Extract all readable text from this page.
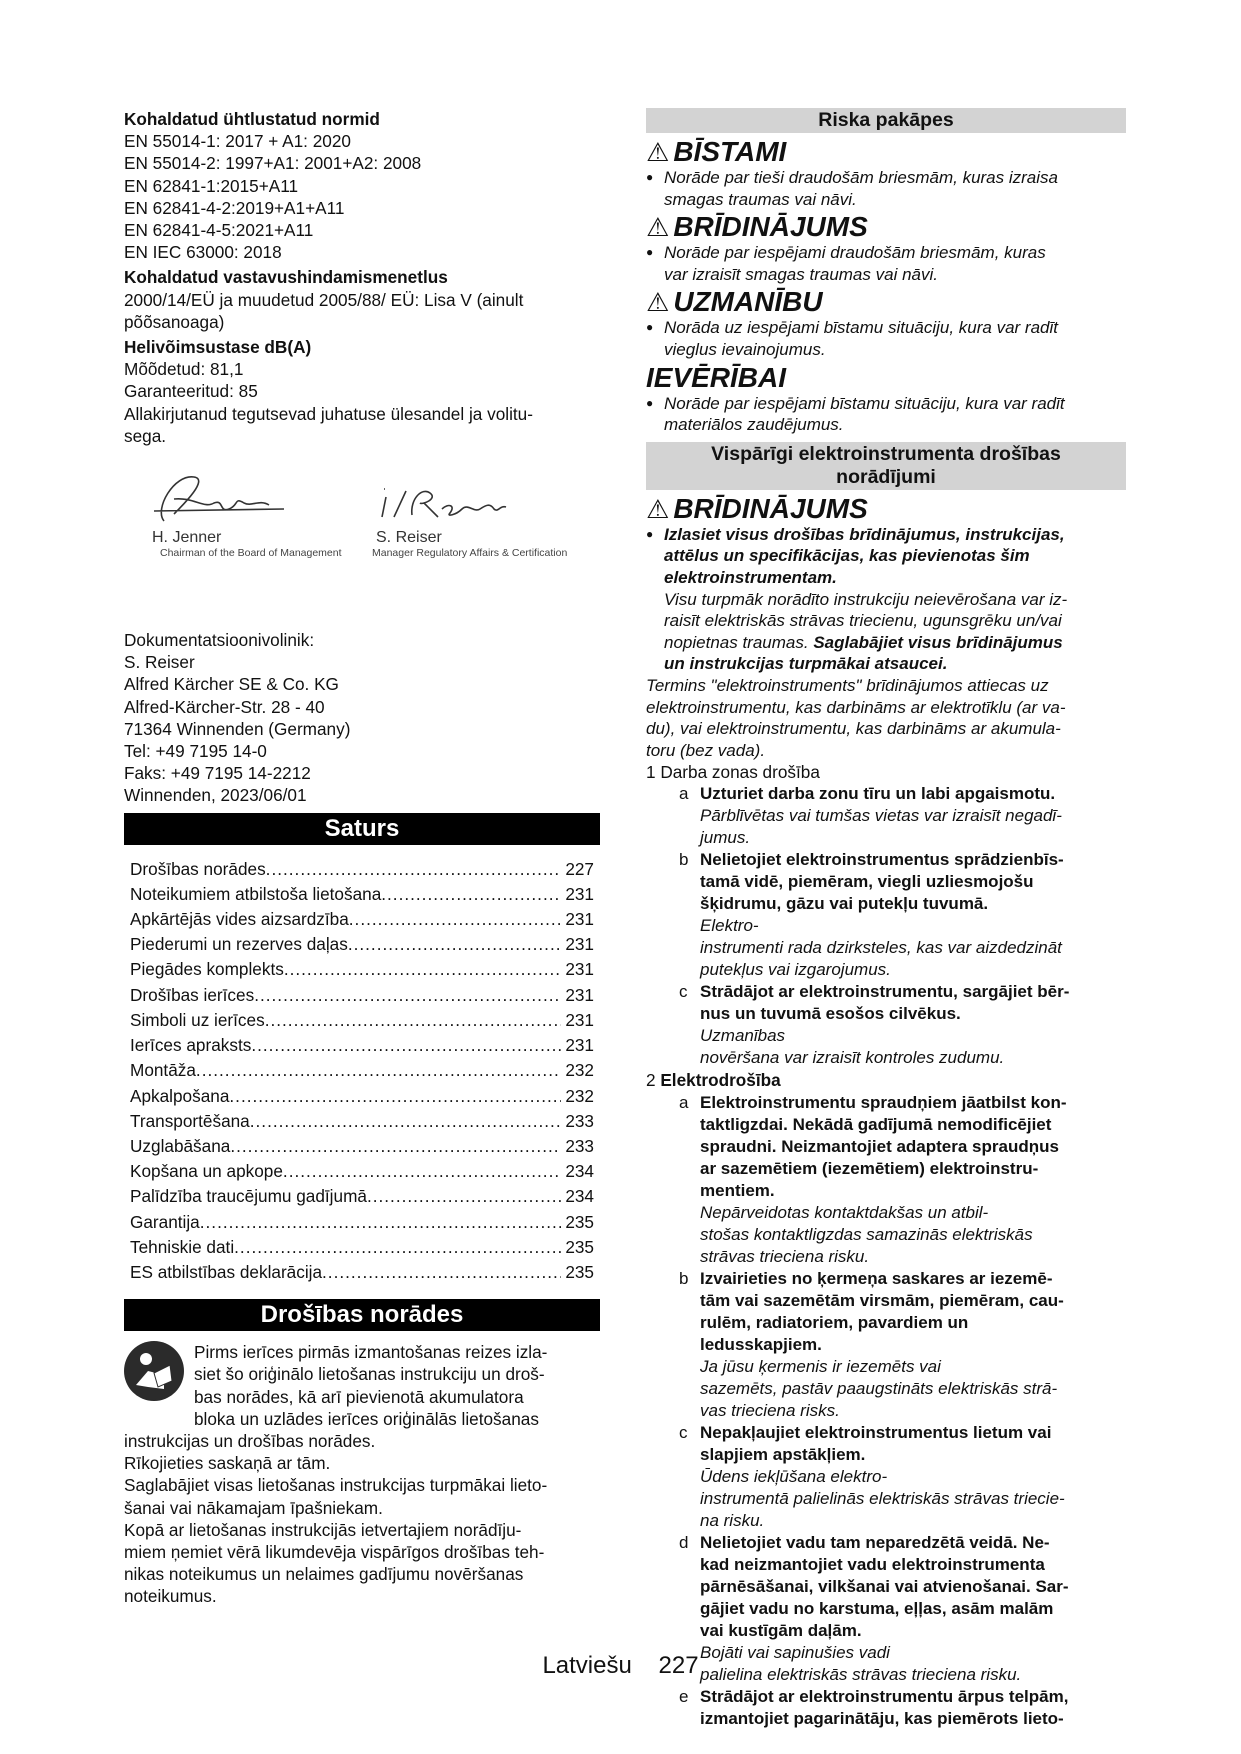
Kohaldatud ühtlustatud normid

EN 55014-1: 2017 + A1: 2020

EN 55014-2: 1997+A1: 2001+A2: 2008

EN 62841-1:2015+A11

EN 62841-4-2:2019+A1+A11

EN 62841-4-5:2021+A11

EN IEC 63000: 2018

Kohaldatud vastavushindamismenetlus

2000/14/EÜ ja muudetud 2005/88/ EÜ: Lisa V (ainult

põõsanoaga)

Helivõimsustase dB(A)

Mõõdetud: 81,1

Garanteeritud: 85

Allakirjutanud tegutsevad juhatuse ülesandel ja volitu-

sega.

H. Jenner
Chairman of the Board of Management
S. Reiser
Manager Regulatory Affairs & Certification

Dokumentatsioonivolinik:

S. Reiser

Alfred Kärcher SE & Co. KG

Alfred-Kärcher-Str. 28 - 40

71364 Winnenden (Germany)

Tel: +49 7195 14-0

Faks: +49 7195 14-2212

Winnenden, 2023/06/01

Saturs
Drošības norādes .....	227
Noteikumiem atbilstoša lietošana .....	231
Apkārtējās vides aizsardzība .....	231
Piederumi un rezerves daļas .....	231
Piegādes komplekts .....	231
Drošības ierīces .....	231
Simboli uz ierīces .....	231
Ierīces apraksts .....	231
Montāža .....	232
Apkalpošana .....	232
Transportēšana .....	233
Uzglabāšana .....	233
Kopšana un apkope .....	234
Palīdzība traucējumu gadījumā .....	234
Garantija .....	235
Tehniskie dati .....	235
ES atbilstības deklarācija .....	235
Drošības norādes

Pirms ierīces pirmās izmantošanas reizes izla-

siet šo oriģinālo lietošanas instrukciju un droš-

bas norādes, kā arī pievienotā akumulatora

bloka un uzlādes ierīces oriģinālās lietošanas

instrukcijas un drošības norādes.

Rīkojieties saskaņā ar tām.

Saglabājiet visas lietošanas instrukcijas turpmākai lieto-

šanai vai nākamajam īpašniekam.

Kopā ar lietošanas instrukcijās ietvertajiem norādīju-

miem ņemiet vērā likumdevēja vispārīgos drošības teh-

nikas noteikumus un nelaimes gadījumu novēršanas

noteikumus.

Riska pakāpes

⚠ BĪSTAMI

● Norāde par tieši draudošām briesmām, kuras izraisa
smagas traumas vai nāvi.

⚠ BRĪDINĀJUMS

● Norāde par iespējami draudošām briesmām, kuras
var izraisīt smagas traumas vai nāvi.

⚠ UZMANĪBU

● Norāda uz iespējami bīstamu situāciju, kura var radīt
vieglus ievainojumus.

IEVĒRĪBAI

● Norāde par iespējami bīstamu situāciju, kura var radīt
materiālos zaudējumus.
Vispārīgi elektroinstrumenta drošības
norādījumi

⚠ BRĪDINĀJUMS

● Izlasiet visus drošības brīdinājumus, instrukcijas,
attēlus un specifikācijas, kas pievienotas šim
elektroinstrumentam.

Visu turpmāk norādīto instrukciju neievērošana var iz-

raisīt elektriskās strāvas triecienu, ugunsgrēku un/vai

nopietnas traumas. Saglabājiet visus brīdinājumus

un instrukcijas turpmākai atsaucei.

Termins "elektroinstruments" brīdinājumos attiecas uz

elektroinstrumentu, kas darbināms ar elektrotīklu (ar va-

du), vai elektroinstrumentu, kas darbināms ar akumula-

toru (bez vada).

1 Darba zonas drošība

a Uzturiet darba zonu tīru un labi apgaismotu.
Pārblīvētas vai tumšas vietas var izraisīt negadī-
jumus.
b Nelietojiet elektroinstrumentus sprādzienbīs-
tamā vidē, piemēram, viegli uzliesmojošu
šķidrumu, gāzu vai putekļu tuvumā.
Elektro-
instrumenti rada dzirksteles, kas var aizdedzināt
putekļus vai izgarojumus.
c Strādājot ar elektroinstrumentu, sargājiet bēr-
nus un tuvumā esošos cilvēkus.
Uzmanības
novēršana var izraisīt kontroles zudumu.

2 Elektrodrošība

a Elektroinstrumentu spraudņiem jāatbilst kon-
taktligzdai. Nekādā gadījumā nemodificējiet
spraudni. Neizmantojiet adaptera spraudņus
ar sazemētiem (iezemētiem) elektroinstru-
mentiem.
Nepārveidotas kontaktdakšas un atbil-
stošas kontaktligzdas samazinās elektriskās
strāvas trieciena risku.
b Izvairieties no ķermeņa saskares ar iezemē-
tām vai sazemētām virsmām, piemēram, cau-
rulēm, radiatoriem, pavardiem un
ledusskapjiem.
Ja jūsu ķermenis ir iezemēts vai
sazemēts, pastāv paaugstināts elektriskās strā-
vas trieciena risks.
c Nepakļaujiet elektroinstrumentus lietum vai
slapjiem apstākļiem.
Ūdens iekļūšana elektro-
instrumentā palielinās elektriskās strāvas triecie-
na risku.
d Nelietojiet vadu tam neparedzētā veidā. Ne-
kad neizmantojiet vadu elektroinstrumenta
pārnēsāšanai, vilkšanai vai atvienošanai. Sar-
gājiet vadu no karstuma, eļļas, asām malām
vai kustīgām daļām.
Bojāti vai sapinušies vadi
palielina elektriskās strāvas trieciena risku.
e Strādājot ar elektroinstrumentu ārpus telpām,
izmantojiet pagarinātāju, kas piemērots lieto-
Latviešu 227
